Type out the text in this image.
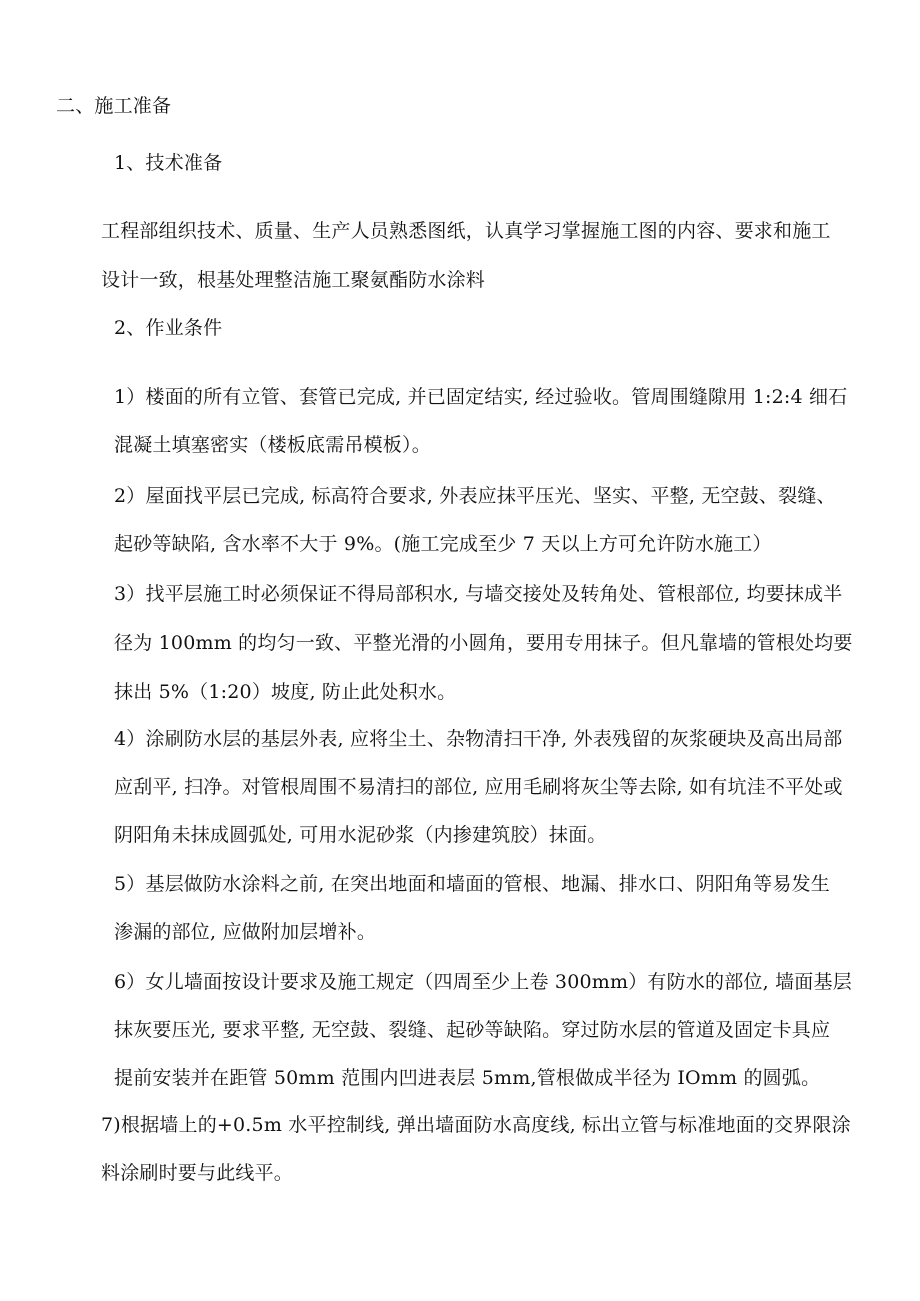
二、施工准备
1、技术准备
工程部组织技术、质量、生产人员熟悉图纸，认真学习掌握施工图的内容、要求和施工
设计一致，根基处理整洁施工聚氨酯防水涂料
2、作业条件
1）楼面的所有立管、套管已完成, 并已固定结实, 经过验收。管周围缝隙用 1:2:4 细石
混凝土填塞密实（楼板底需吊模板）。
2）屋面找平层已完成, 标高符合要求, 外表应抹平压光、坚实、平整, 无空鼓、裂缝、
起砂等缺陷, 含水率不大于 9%。(施工完成至少 7 天以上方可允许防水施工）
3）找平层施工时必须保证不得局部积水, 与墙交接处及转角处、管根部位, 均要抹成半
径为 100mm 的均匀一致、平整光滑的小圆角，要用专用抹子。但凡靠墙的管根处均要
抹出 5%（1:20）坡度, 防止此处积水。
4）涂刷防水层的基层外表, 应将尘土、杂物清扫干净, 外表残留的灰浆硬块及高出局部
应刮平, 扫净。对管根周围不易清扫的部位, 应用毛刷将灰尘等去除, 如有坑洼不平处或
阴阳角未抹成圆弧处, 可用水泥砂浆（内掺建筑胶）抹面。
5）基层做防水涂料之前, 在突出地面和墙面的管根、地漏、排水口、阴阳角等易发生
渗漏的部位, 应做附加层增补。
6）女儿墙面按设计要求及施工规定（四周至少上卷 300mm）有防水的部位, 墙面基层
抹灰要压光, 要求平整, 无空鼓、裂缝、起砂等缺陷。穿过防水层的管道及固定卡具应
提前安装并在距管 50mm 范围内凹进表层 5mm,管根做成半径为 IOmm 的圆弧。
7)根据墙上的+0.5m 水平控制线, 弹出墙面防水高度线, 标出立管与标准地面的交界限涂
料涂刷时要与此线平。
